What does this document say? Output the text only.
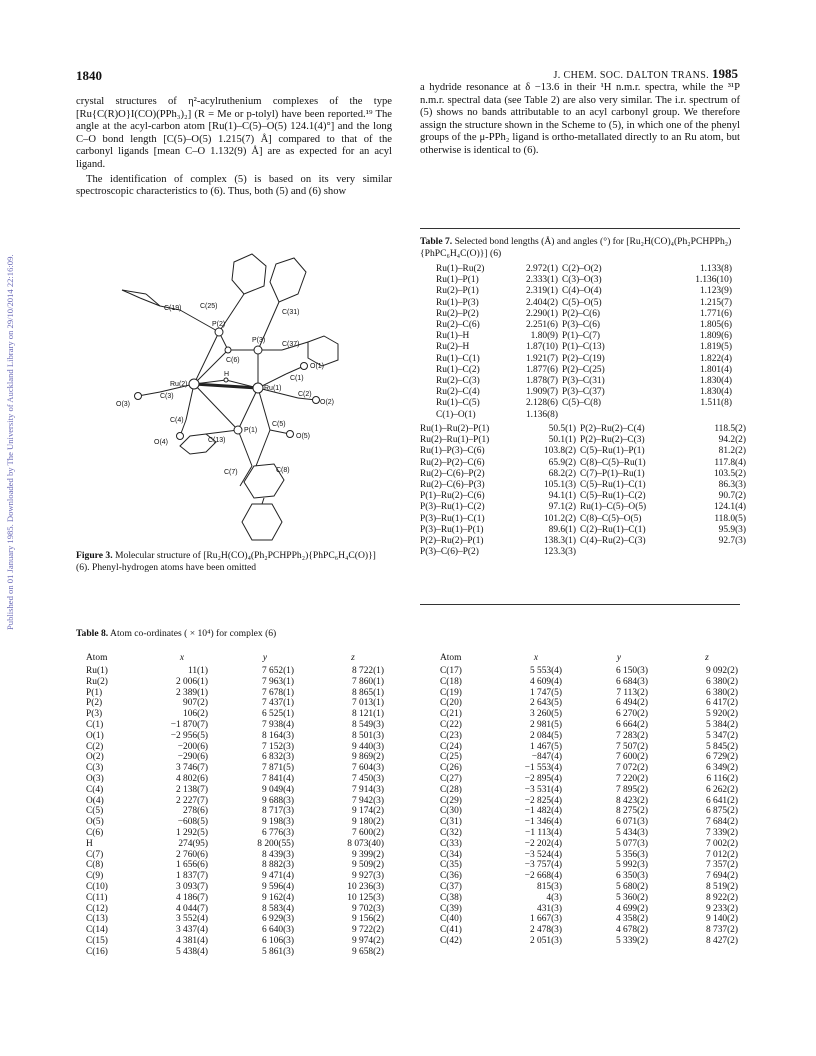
1840	J. CHEM. SOC. DALTON TRANS. 1985
Published on 01 January 1985. Downloaded by The University of Auckland Library on 29/10/2014 22:16:09.

crystal structures of η²-acylruthenium complexes of the type [Ru{C(R)O}I(CO)(PPh₃)₂] (R = Me or p-tolyl) have been reported.¹⁹ The angle at the acyl-carbon atom [Ru(1)–C(5)–O(5) 124.1(4)°] and the long C–O bond length [C(5)–O(5) 1.215(7) Å] compared to that of the carbonyl ligands [mean C–O 1.132(9) Å] are as expected for an acyl ligand.

The identification of complex (5) is based on its very similar spectroscopic characteristics to (6). Thus, both (5) and (6) show

a hydride resonance at δ −13.6 in their ¹H n.m.r. spectra, while the ³¹P n.m.r. spectral data (see Table 2) are also very similar. The i.r. spectrum of (5) shows no bands attributable to an acyl carbonyl group. We therefore assign the structure shown in the Scheme to (5), in which one of the phenyl groups of the μ-PPh₂ ligand is ortho-metallated directly to an Ru atom, but otherwise is identical to (6).

Table 7. Selected bond lengths (Å) and angles (°) for [Ru₂H(CO)₄(Ph₂PCHPPh₂){PhPC₆H₄C(O)}] (6)
Ru(1)–Ru(2)	2.972(1)	C(2)–O(2)	1.133(8)
Ru(1)–P(1)	2.333(1)	C(3)–O(3)	1.136(10)
Ru(2)–P(1)	2.319(1)	C(4)–O(4)	1.123(9)
Ru(1)–P(3)	2.404(2)	C(5)–O(5)	1.215(7)
Ru(2)–P(2)	2.290(1)	P(2)–C(6)	1.771(6)
Ru(2)–C(6)	2.251(6)	P(3)–C(6)	1.805(6)
Ru(1)–H	1.80(9)	P(1)–C(7)	1.809(6)
Ru(2)–H	1.87(10)	P(1)–C(13)	1.819(5)
Ru(1)–C(1)	1.921(7)	P(2)–C(19)	1.822(4)
Ru(1)–C(2)	1.877(6)	P(2)–C(25)	1.801(4)
Ru(2)–C(3)	1.878(7)	P(3)–C(31)	1.830(4)
Ru(2)–C(4)	1.909(7)	P(3)–C(37)	1.830(4)
Ru(1)–C(5)	2.128(6)	C(5)–C(8)	1.511(8)
C(1)–O(1)	1.136(8)		
Ru(1)–Ru(2)–P(1)	50.5(1)	P(2)–Ru(2)–C(4)	118.5(2)
Ru(2)–Ru(1)–P(1)	50.1(1)	P(2)–Ru(2)–C(3)	94.2(2)
Ru(1)–P(3)–C(6)	103.8(2)	C(5)–Ru(1)–P(1)	81.2(2)
Ru(2)–P(2)–C(6)	65.9(2)	C(8)–C(5)–Ru(1)	117.8(4)
Ru(2)–C(6)–P(2)	68.2(2)	C(7)–P(1)–Ru(1)	103.5(2)
Ru(2)–C(6)–P(3)	105.1(3)	C(5)–Ru(1)–C(1)	86.3(3)
P(1)–Ru(2)–C(6)	94.1(1)	C(5)–Ru(1)–C(2)	90.7(2)
P(3)–Ru(1)–C(2)	97.1(2)	Ru(1)–C(5)–O(5)	124.1(4)
P(3)–Ru(1)–C(1)	101.2(2)	C(8)–C(5)–O(5)	118.0(5)
P(3)–Ru(1)–P(1)	89.6(1)	C(2)–Ru(1)–C(1)	95.9(3)
P(2)–Ru(2)–P(1)	138.3(1)	C(4)–Ru(2)–C(3)	92.7(3)
P(3)–C(6)–P(2)	123.3(3)		
C(19)	C(25)
C(31)
P(2)
P(3)
C(37)
C(6)
O(1)
C(1)
H
Ru(2)
Ru(1)
C(3)
O(3)
C(2)
O(2)
C(4)
P(1)
C(13)
C(5)
O(4)
O(5)
C(7)	C(8)
Figure 3. Molecular structure of [Ru₂H(CO)₄(Ph₂PCHPPh₂){PhPC₆H₄C(O)}] (6). Phenyl-hydrogen atoms have been omitted
Table 8. Atom co-ordinates ( × 10⁴) for complex (6)
Atom	x	y	z
Ru(1)	11(1)	7 652(1)	8 722(1)
Ru(2)	2 006(1)	7 963(1)	7 860(1)
P(1)	2 389(1)	7 678(1)	8 865(1)
P(2)	907(2)	7 437(1)	7 013(1)
P(3)	106(2)	6 525(1)	8 121(1)
C(1)	−1 870(7)	7 938(4)	8 549(3)
O(1)	−2 956(5)	8 164(3)	8 501(3)
C(2)	−200(6)	7 152(3)	9 440(3)
O(2)	−290(6)	6 832(3)	9 869(2)
C(3)	3 746(7)	7 871(5)	7 604(3)
O(3)	4 802(6)	7 841(4)	7 450(3)
C(4)	2 138(7)	9 049(4)	7 914(3)
O(4)	2 227(7)	9 688(3)	7 942(3)
C(5)	278(6)	8 717(3)	9 174(2)
O(5)	−608(5)	9 198(3)	9 180(2)
C(6)	1 292(5)	6 776(3)	7 600(2)
H	274(95)	8 200(55)	8 073(40)
C(7)	2 760(6)	8 439(3)	9 399(2)
C(8)	1 656(6)	8 882(3)	9 509(2)
C(9)	1 837(7)	9 471(4)	9 927(3)
C(10)	3 093(7)	9 596(4)	10 236(3)
C(11)	4 186(7)	9 162(4)	10 125(3)
C(12)	4 044(7)	8 583(4)	9 702(3)
C(13)	3 552(4)	6 929(3)	9 156(2)
C(14)	3 437(4)	6 640(3)	9 722(2)
C(15)	4 381(4)	6 106(3)	9 974(2)
C(16)	5 438(4)	5 861(3)	9 658(2)
Atom	x	y	z
C(17)	5 553(4)	6 150(3)	9 092(2)
C(18)	4 609(4)	6 684(3)	6 380(2)
C(19)	1 747(5)	7 113(2)	6 380(2)
C(20)	2 643(5)	6 494(2)	6 417(2)
C(21)	3 260(5)	6 270(2)	5 920(2)
C(22)	2 981(5)	6 664(2)	5 384(2)
C(23)	2 084(5)	7 283(2)	5 347(2)
C(24)	1 467(5)	7 507(2)	5 845(2)
C(25)	−847(4)	7 600(2)	6 729(2)
C(26)	−1 553(4)	7 072(2)	6 349(2)
C(27)	−2 895(4)	7 220(2)	6 116(2)
C(28)	−3 531(4)	7 895(2)	6 262(2)
C(29)	−2 825(4)	8 423(2)	6 641(2)
C(30)	−1 482(4)	8 275(2)	6 875(2)
C(31)	−1 346(4)	6 071(3)	7 684(2)
C(32)	−1 113(4)	5 434(3)	7 339(2)
C(33)	−2 202(4)	5 077(3)	7 002(2)
C(34)	−3 524(4)	5 356(3)	7 012(2)
C(35)	−3 757(4)	5 992(3)	7 357(2)
C(36)	−2 668(4)	6 350(3)	7 694(2)
C(37)	815(3)	5 680(2)	8 519(2)
C(38)	4(3)	5 360(2)	8 922(2)
C(39)	431(3)	4 699(2)	9 233(2)
C(40)	1 667(3)	4 358(2)	9 140(2)
C(41)	2 478(3)	4 678(2)	8 737(2)
C(42)	2 051(3)	5 339(2)	8 427(2)
